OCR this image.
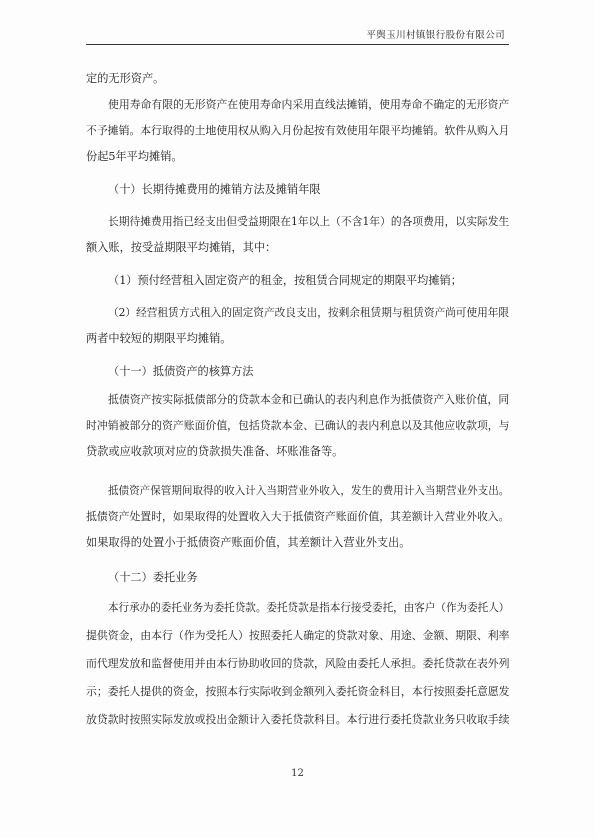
平舆玉川村镇银行股份有限公司
定的无形资产。
使用寿命有限的无形资产在使用寿命内采用直线法摊销，使用寿命不确定的无形资产
不予摊销。本行取得的土地使用权从购入月份起按有效使用年限平均摊销。软件从购入月
份起5年平均摊销。
（十）长期待摊费用的摊销方法及摊销年限
长期待摊费用指已经支出但受益期限在1年以上（不含1年）的各项费用，以实际发生
额入账，按受益期限平均摊销，其中：
（1）预付经营租入固定资产的租金，按租赁合同规定的期限平均摊销；
（2）经营租赁方式租入的固定资产改良支出，按剩余租赁期与租赁资产尚可使用年限
两者中较短的期限平均摊销。
（十一）抵债资产的核算方法
抵债资产按实际抵债部分的贷款本金和已确认的表内利息作为抵债资产入账价值，同
时冲销被部分的资产账面价值，包括贷款本金、已确认的表内利息以及其他应收款项，与
贷款或应收款项对应的贷款损失准备、坏账准备等。
抵债资产保管期间取得的收入计入当期营业外收入，发生的费用计入当期营业外支出。
抵债资产处置时，如果取得的处置收入大于抵债资产账面价值，其差额计入营业外收入。
如果取得的处置小于抵债资产账面价值，其差额计入营业外支出。
（十二）委托业务
本行承办的委托业务为委托贷款。委托贷款是指本行接受委托，由客户（作为委托人）
提供资金，由本行（作为受托人）按照委托人确定的贷款对象、用途、金额、期限、利率
而代理发放和监督使用并由本行协助收回的贷款，风险由委托人承担。委托贷款在表外列
示；委托人提供的资金，按照本行实际收到金额列入委托资金科目，本行按照委托意愿发
放贷款时按照实际发放或投出金额计入委托贷款科目。本行进行委托贷款业务只收取手续
12
